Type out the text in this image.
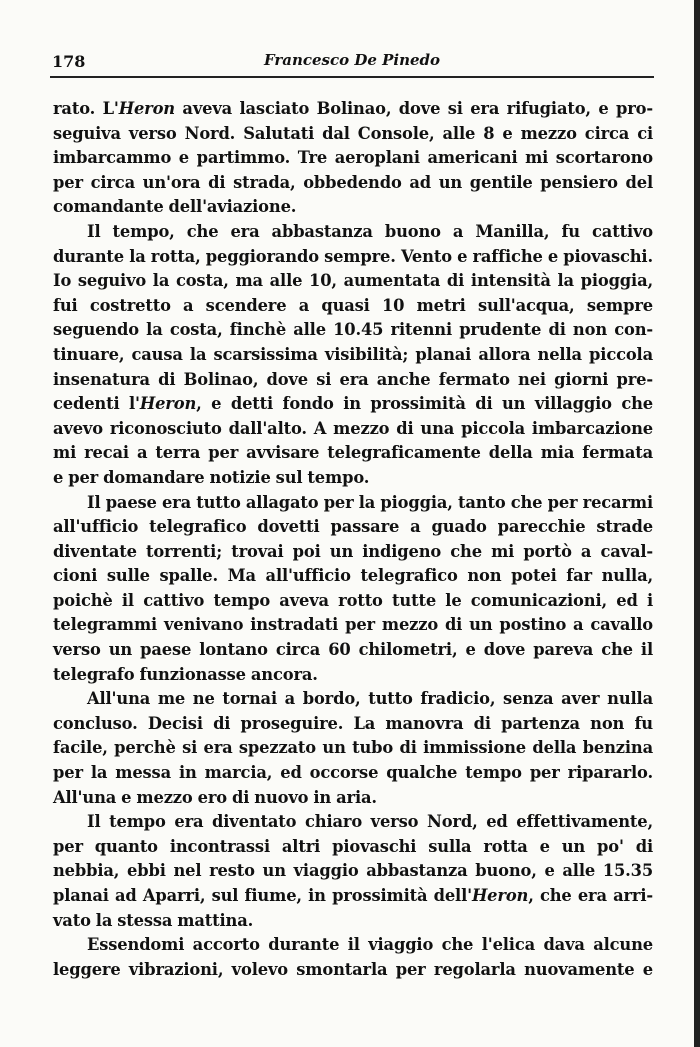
178	Francesco De Pinedo
rato. L'Heron aveva lasciato Bolinao, dove si era rifugiato, e pro-
seguiva verso Nord. Salutati dal Console, alle 8 e mezzo circa ci
imbarcammo e partimmo. Tre aeroplani americani mi scortarono
per circa un'ora di strada, obbedendo ad un gentile pensiero del
comandante dell'aviazione.
Il tempo, che era abbastanza buono a Manilla, fu cattivo
durante la rotta, peggiorando sempre. Vento e raffiche e piovaschi.
Io seguivo la costa, ma alle 10, aumentata di intensità la pioggia,
fui costretto a scendere a quasi 10 metri sull'acqua, sempre
seguendo la costa, finchè alle 10.45 ritenni prudente di non con-
tinuare, causa la scarsissima visibilità; planai allora nella piccola
insenatura di Bolinao, dove si era anche fermato nei giorni pre-
cedenti l'Heron, e detti fondo in prossimità di un villaggio che
avevo riconosciuto dall'alto. A mezzo di una piccola imbarcazione
mi recai a terra per avvisare telegraficamente della mia fermata
e per domandare notizie sul tempo.
Il paese era tutto allagato per la pioggia, tanto che per recarmi
all'ufficio telegrafico dovetti passare a guado parecchie strade
diventate torrenti; trovai poi un indigeno che mi portò a caval-
cioni sulle spalle. Ma all'ufficio telegrafico non potei far nulla,
poichè il cattivo tempo aveva rotto tutte le comunicazioni, ed i
telegrammi venivano instradati per mezzo di un postino a cavallo
verso un paese lontano circa 60 chilometri, e dove pareva che il
telegrafo funzionasse ancora.
All'una me ne tornai a bordo, tutto fradicio, senza aver nulla
concluso. Decisi di proseguire. La manovra di partenza non fu
facile, perchè si era spezzato un tubo di immissione della benzina
per la messa in marcia, ed occorse qualche tempo per ripararlo.
All'una e mezzo ero di nuovo in aria.
Il tempo era diventato chiaro verso Nord, ed effettivamente,
per quanto incontrassi altri piovaschi sulla rotta e un po' di
nebbia, ebbi nel resto un viaggio abbastanza buono, e alle 15.35
planai ad Aparri, sul fiume, in prossimità dell'Heron, che era arri-
vato la stessa mattina.
Essendomi accorto durante il viaggio che l'elica dava alcune
leggere vibrazioni, volevo smontarla per regolarla nuovamente e
